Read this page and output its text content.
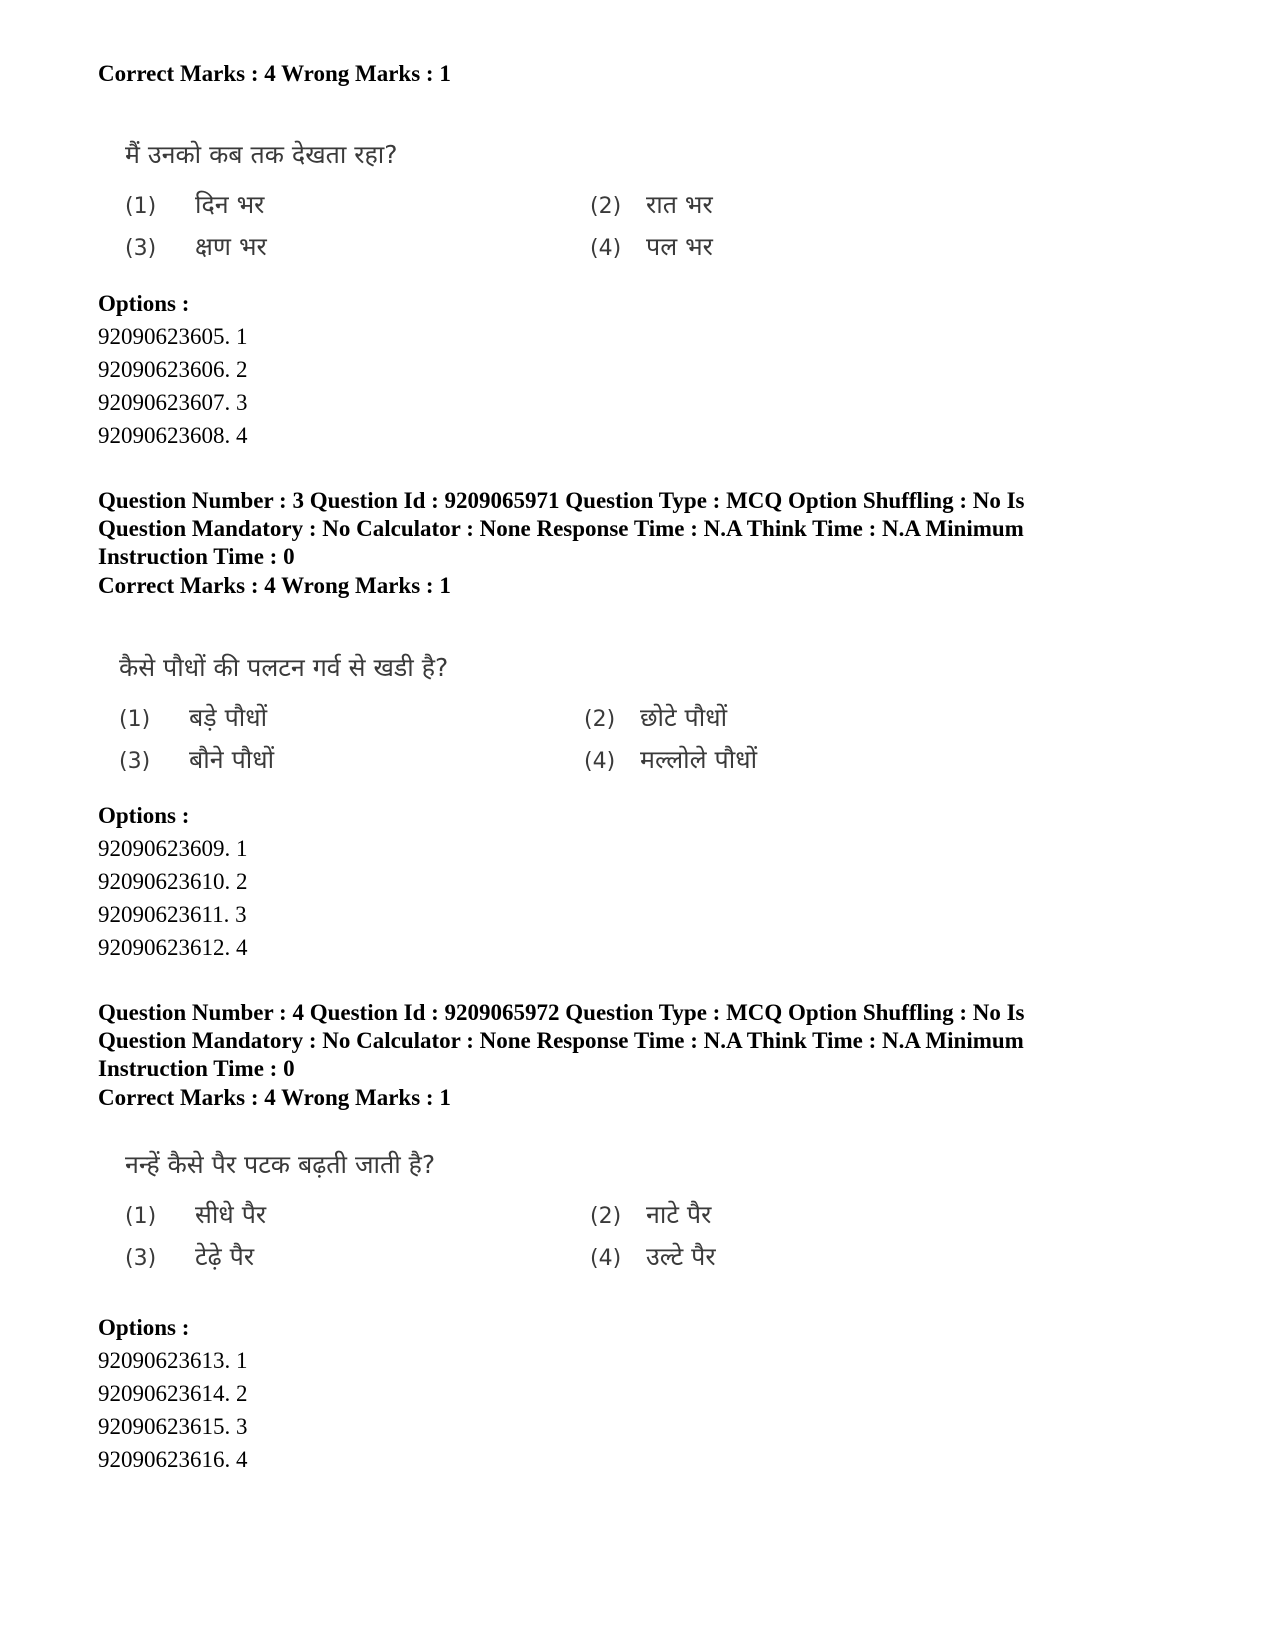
Correct Marks : 4 Wrong Marks : 1
मैं उनको कब तक देखता रहा?
(1) दिन भर	(2) रात भर
(3) क्षण भर	(4) पल भर
Options :
92090623605. 1
92090623606. 2
92090623607. 3
92090623608. 4
Question Number : 3 Question Id : 9209065971 Question Type : MCQ Option Shuffling : No Is
Question Mandatory : No Calculator : None Response Time : N.A Think Time : N.A Minimum
Instruction Time : 0
Correct Marks : 4 Wrong Marks : 1
कैसे पौधों की पलटन गर्व से खडी है?
(1) बड़े पौधों	(2) छोटे पौधों
(3) बौने पौधों	(4) मल्लोले पौधों
Options :
92090623609. 1
92090623610. 2
92090623611. 3
92090623612. 4
Question Number : 4 Question Id : 9209065972 Question Type : MCQ Option Shuffling : No Is
Question Mandatory : No Calculator : None Response Time : N.A Think Time : N.A Minimum
Instruction Time : 0
Correct Marks : 4 Wrong Marks : 1
नन्हें कैसे पैर पटक बढ़ती जाती है?
(1) सीधे पैर	(2) नाटे पैर
(3) टेढ़े पैर	(4) उल्टे पैर
Options :
92090623613. 1
92090623614. 2
92090623615. 3
92090623616. 4
